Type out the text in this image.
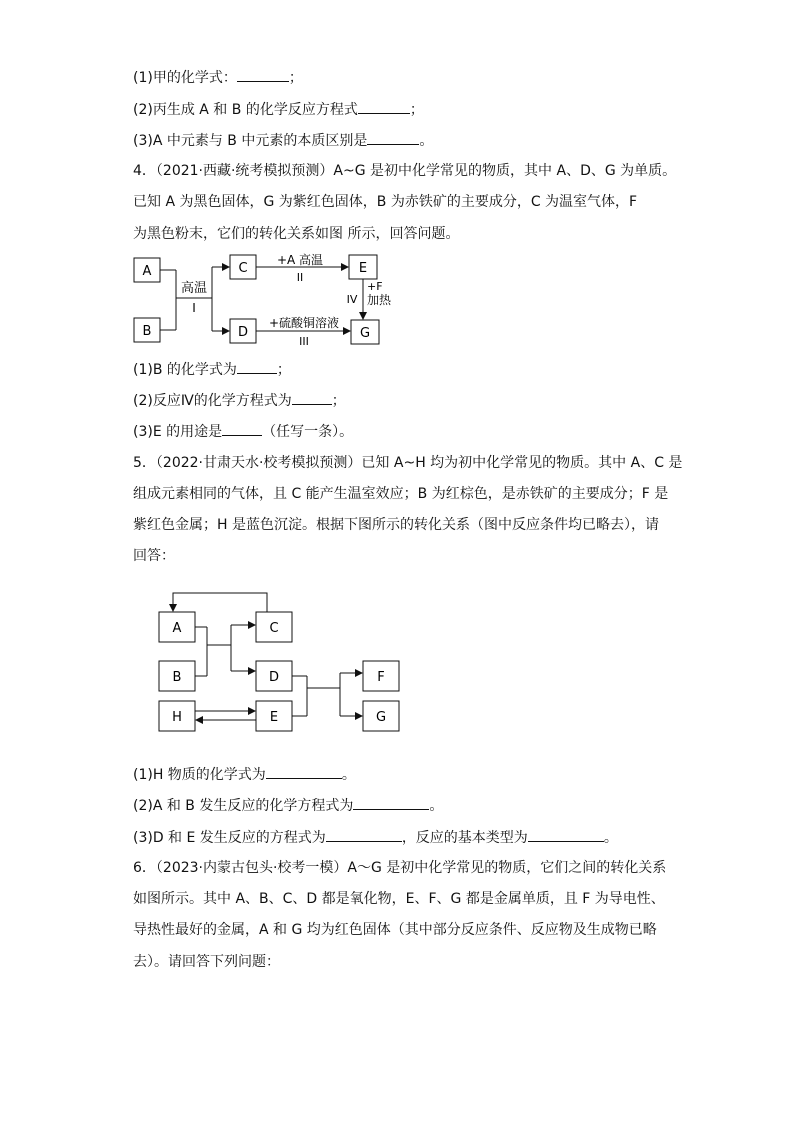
(1)甲的化学式：	；
(2)丙生成 A 和 B 的化学反应方程式	；
(3)A 中元素与 B 中元素的本质区别是	。
4．（2021·西藏·统考模拟预测）A~G 是初中化学常见的物质，其中 A、D、G 为单质。
已知 A 为黑色固体，G 为紫红色固体，B 为赤铁矿的主要成分，C 为温室气体，F
为黑色粉末，它们的转化关系如图 所示，回答问题。
A
B
C
D
E
G
高温
I
+A 高温
II
+硫酸铜溶液
III
+F
加热
IV
(1)B 的化学式为	；
(2)反应Ⅳ的化学方程式为	；
(3)E 的用途是	（任写一条）。
5．（2022·甘肃天水·校考模拟预测）已知 A~H 均为初中化学常见的物质。其中 A、C 是
组成元素相同的气体，且 C 能产生温室效应；B 为红棕色，是赤铁矿的主要成分；F 是
紫红色金属；H 是蓝色沉淀。根据下图所示的转化关系（图中反应条件均已略去），请
回答：
A
B
H
C
D
E
F
G
(1)H 物质的化学式为	。
(2)A 和 B 发生反应的化学方程式为	。
(3)D 和 E 发生反应的方程式为	，反应的基本类型为	。
6．（2023·内蒙古包头·校考一模）A～G 是初中化学常见的物质，它们之间的转化关系
如图所示。其中 A、B、C、D 都是氧化物，E、F、G 都是金属单质，且 F 为导电性、
导热性最好的金属，A 和 G 均为红色固体（其中部分反应条件、反应物及生成物已略
去）。请回答下列问题：
